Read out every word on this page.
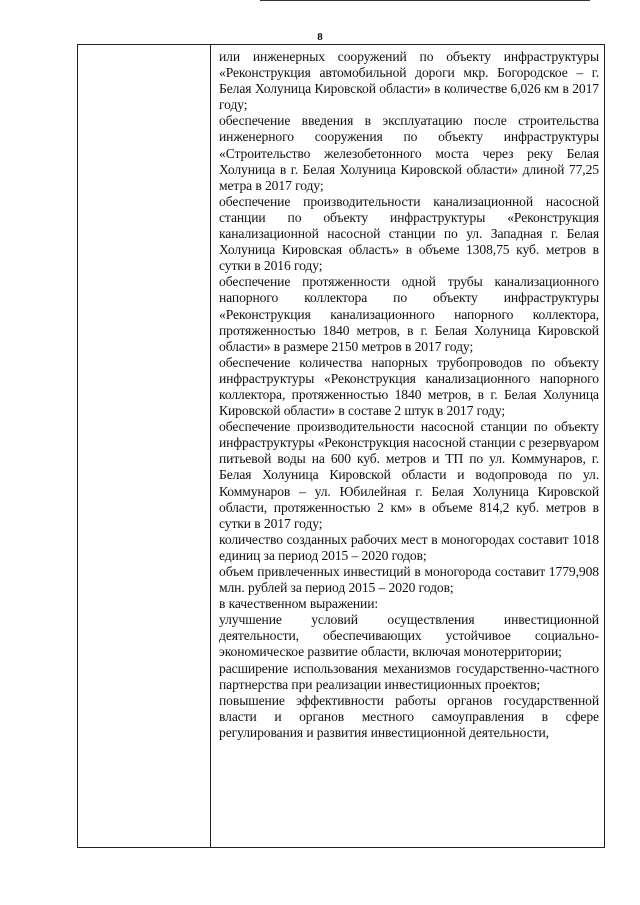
8

или инженерных сооружений по объекту инфраструктуры «Реконструкция автомобильной дороги мкр. Богородское – г. Белая Холуница Кировской области» в количестве 6,026 км в 2017 году;

обеспечение введения в эксплуатацию после строительства инженерного сооружения по объекту инфраструктуры «Строительство железобетонного моста через реку Белая Холуница в г. Белая Холуница Кировской области» длиной 77,25 метра в 2017 году;

обеспечение производительности канализационной насосной станции по объекту инфраструктуры «Реконструкция канализационной насосной станции по ул. Западная г. Белая Холуница Кировская область» в объеме 1308,75 куб. метров в сутки в 2016 году;

обеспечение протяженности одной трубы канализационного напорного коллектора по объекту инфраструктуры «Реконструкция канализационного напорного коллектора, протяженностью 1840 метров, в г. Белая Холуница Кировской области» в размере 2150 метров в 2017 году;

обеспечение количества напорных трубопроводов по объекту инфраструктуры «Реконструкция канализационного напорного коллектора, протяженностью 1840 метров, в г. Белая Холуница Кировской области» в составе 2 штук в 2017 году;

обеспечение производительности насосной станции по объекту инфраструктуры «Реконструкция насосной станции с резервуаром питьевой воды на 600 куб. метров и ТП по ул. Коммунаров, г. Белая Холуница Кировской области и водопровода по ул. Коммунаров – ул. Юбилейная г. Белая Холуница Кировской области, протяженностью 2 км» в объеме 814,2 куб. метров в сутки в 2017 году;

количество созданных рабочих мест в моногородах составит 1018 единиц за период 2015 – 2020 годов;

объем привлеченных инвестиций в моногорода составит 1779,908 млн. рублей за период 2015 – 2020 годов;

в качественном выражении:

улучшение условий осуществления инвестиционной деятельности, обеспечивающих устойчивое социально-экономическое развитие области, включая монотерритории;

расширение использования механизмов государственно-частного партнерства при реализации инвестиционных проектов;

повышение эффективности работы органов государственной власти и органов местного самоуправления в сфере регулирования и развития инвестиционной деятельности,
